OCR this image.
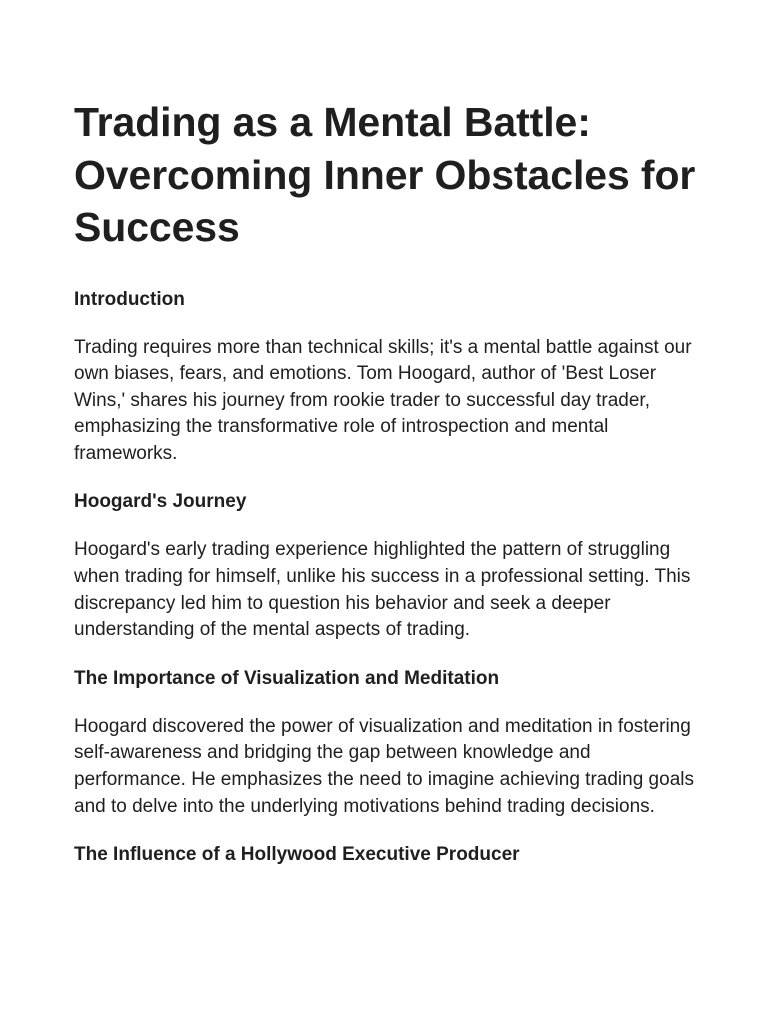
Trading as a Mental Battle: Overcoming Inner Obstacles for Success
Introduction

Trading requires more than technical skills; it's a mental battle against our own biases, fears, and emotions. Tom Hoogard, author of 'Best Loser Wins,' shares his journey from rookie trader to successful day trader, emphasizing the transformative role of introspection and mental frameworks.

Hoogard's Journey

Hoogard's early trading experience highlighted the pattern of struggling when trading for himself, unlike his success in a professional setting. This discrepancy led him to question his behavior and seek a deeper understanding of the mental aspects of trading.

The Importance of Visualization and Meditation

Hoogard discovered the power of visualization and meditation in fostering self-awareness and bridging the gap between knowledge and performance. He emphasizes the need to imagine achieving trading goals and to delve into the underlying motivations behind trading decisions.

The Influence of a Hollywood Executive Producer
